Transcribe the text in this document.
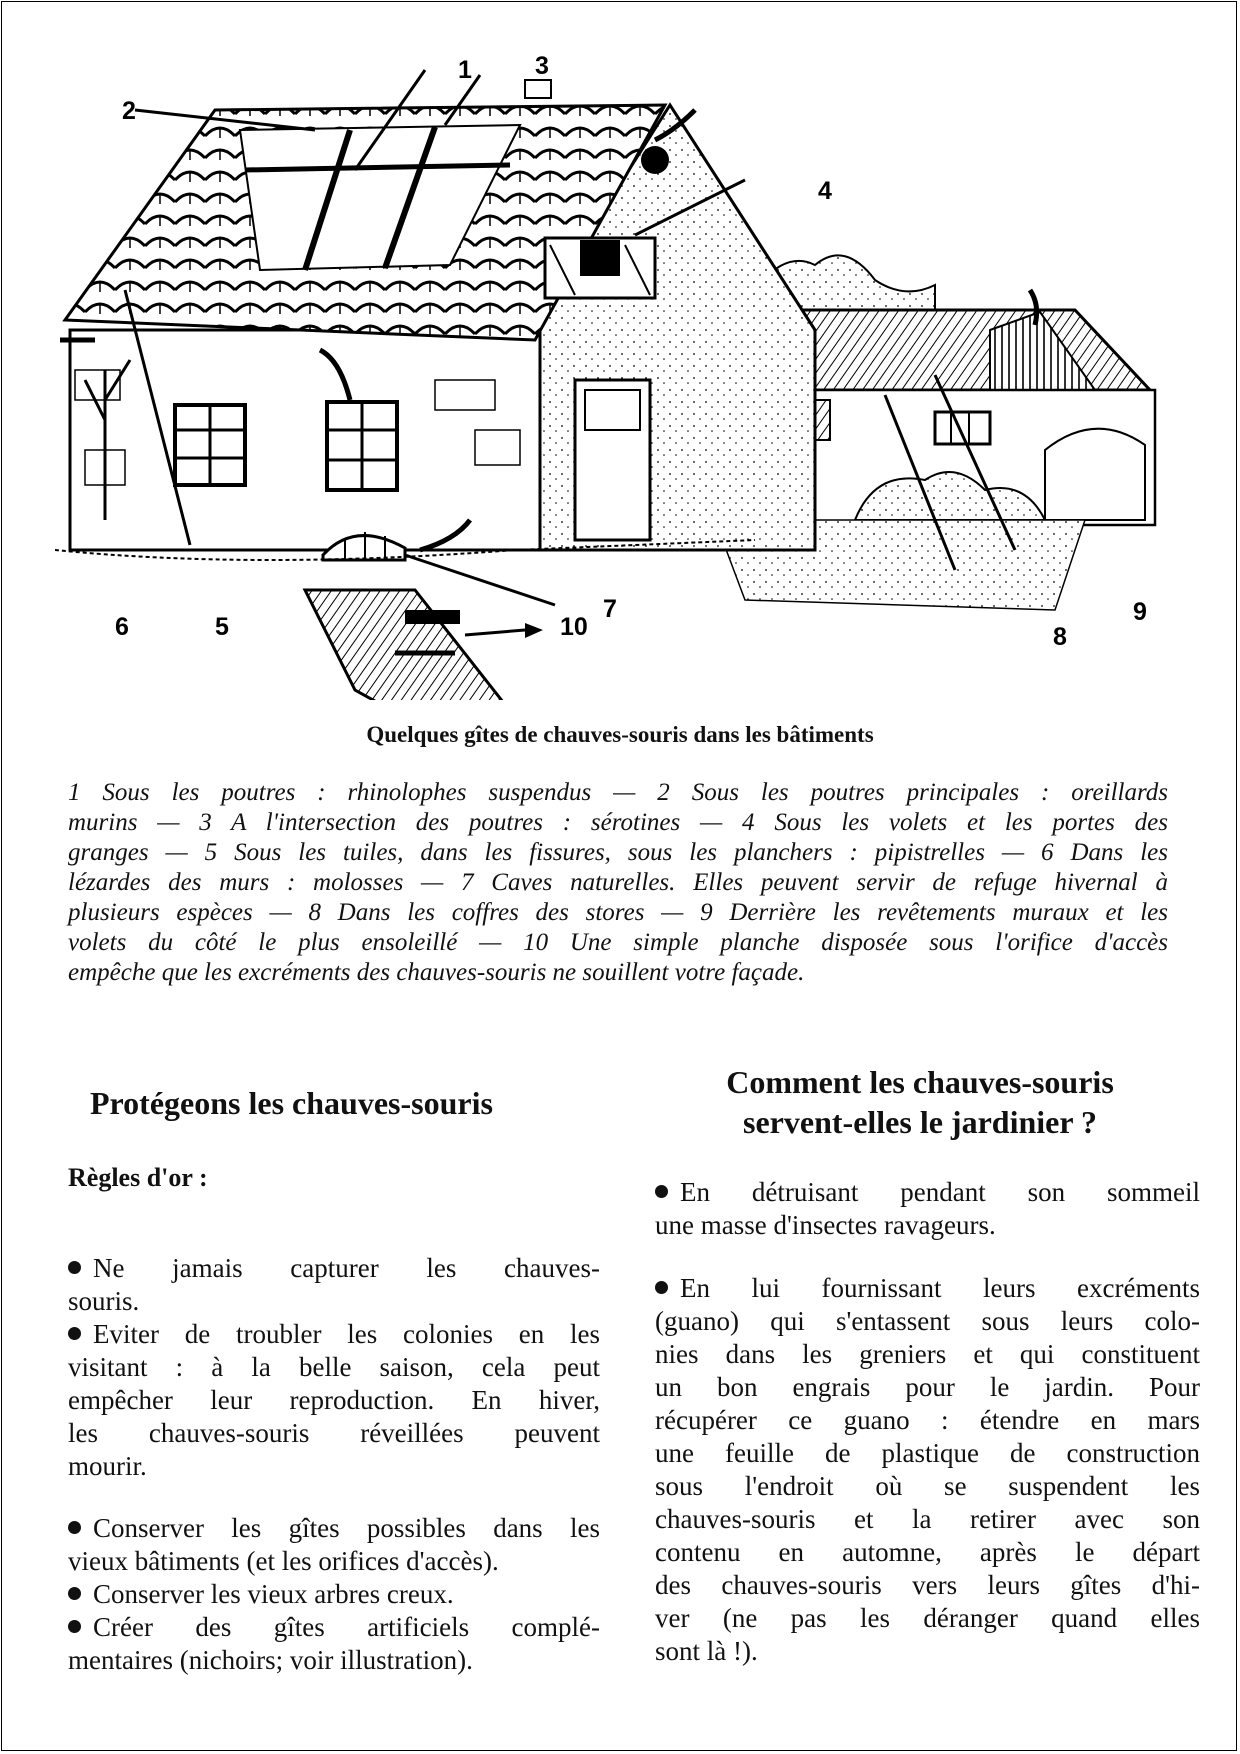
1
2
3
4
5
6
7
8
9
10
Quelques gîtes de chauves-souris dans les bâtiments
1 Sous les poutres : rhinolophes suspendus — 2 Sous les poutres principales : oreillards
murins — 3 A l'intersection des poutres : sérotines — 4 Sous les volets et les portes des
granges — 5 Sous les tuiles, dans les fissures, sous les planchers : pipistrelles — 6 Dans les
lézardes des murs : molosses — 7 Caves naturelles. Elles peuvent servir de refuge hivernal à
plusieurs espèces — 8 Dans les coffres des stores — 9 Derrière les revêtements muraux et les
volets du côté le plus ensoleillé — 10 Une simple planche disposée sous l'orifice d'accès
empêche que les excréments des chauves-souris ne souillent votre façade.
Protégeons les chauves-souris
Règles d'or :
Ne jamais capturer les chauves-
souris.
Eviter de troubler les colonies en les
visitant : à la belle saison, cela peut
empêcher leur reproduction. En hiver,
les chauves-souris réveillées peuvent
mourir.
Conserver les gîtes possibles dans les
vieux bâtiments (et les orifices d'accès).
Conserver les vieux arbres creux.
Créer des gîtes artificiels complé-
mentaires (nichoirs; voir illustration).
Comment les chauves-souris
servent-elles le jardinier ?
En détruisant pendant son sommeil
une masse d'insectes ravageurs.
En lui fournissant leurs excréments
(guano) qui s'entassent sous leurs colo-
nies dans les greniers et qui constituent
un bon engrais pour le jardin. Pour
récupérer ce guano : étendre en mars
une feuille de plastique de construction
sous l'endroit où se suspendent les
chauves-souris et la retirer avec son
contenu en automne, après le départ
des chauves-souris vers leurs gîtes d'hi-
ver (ne pas les déranger quand elles
sont là !).
